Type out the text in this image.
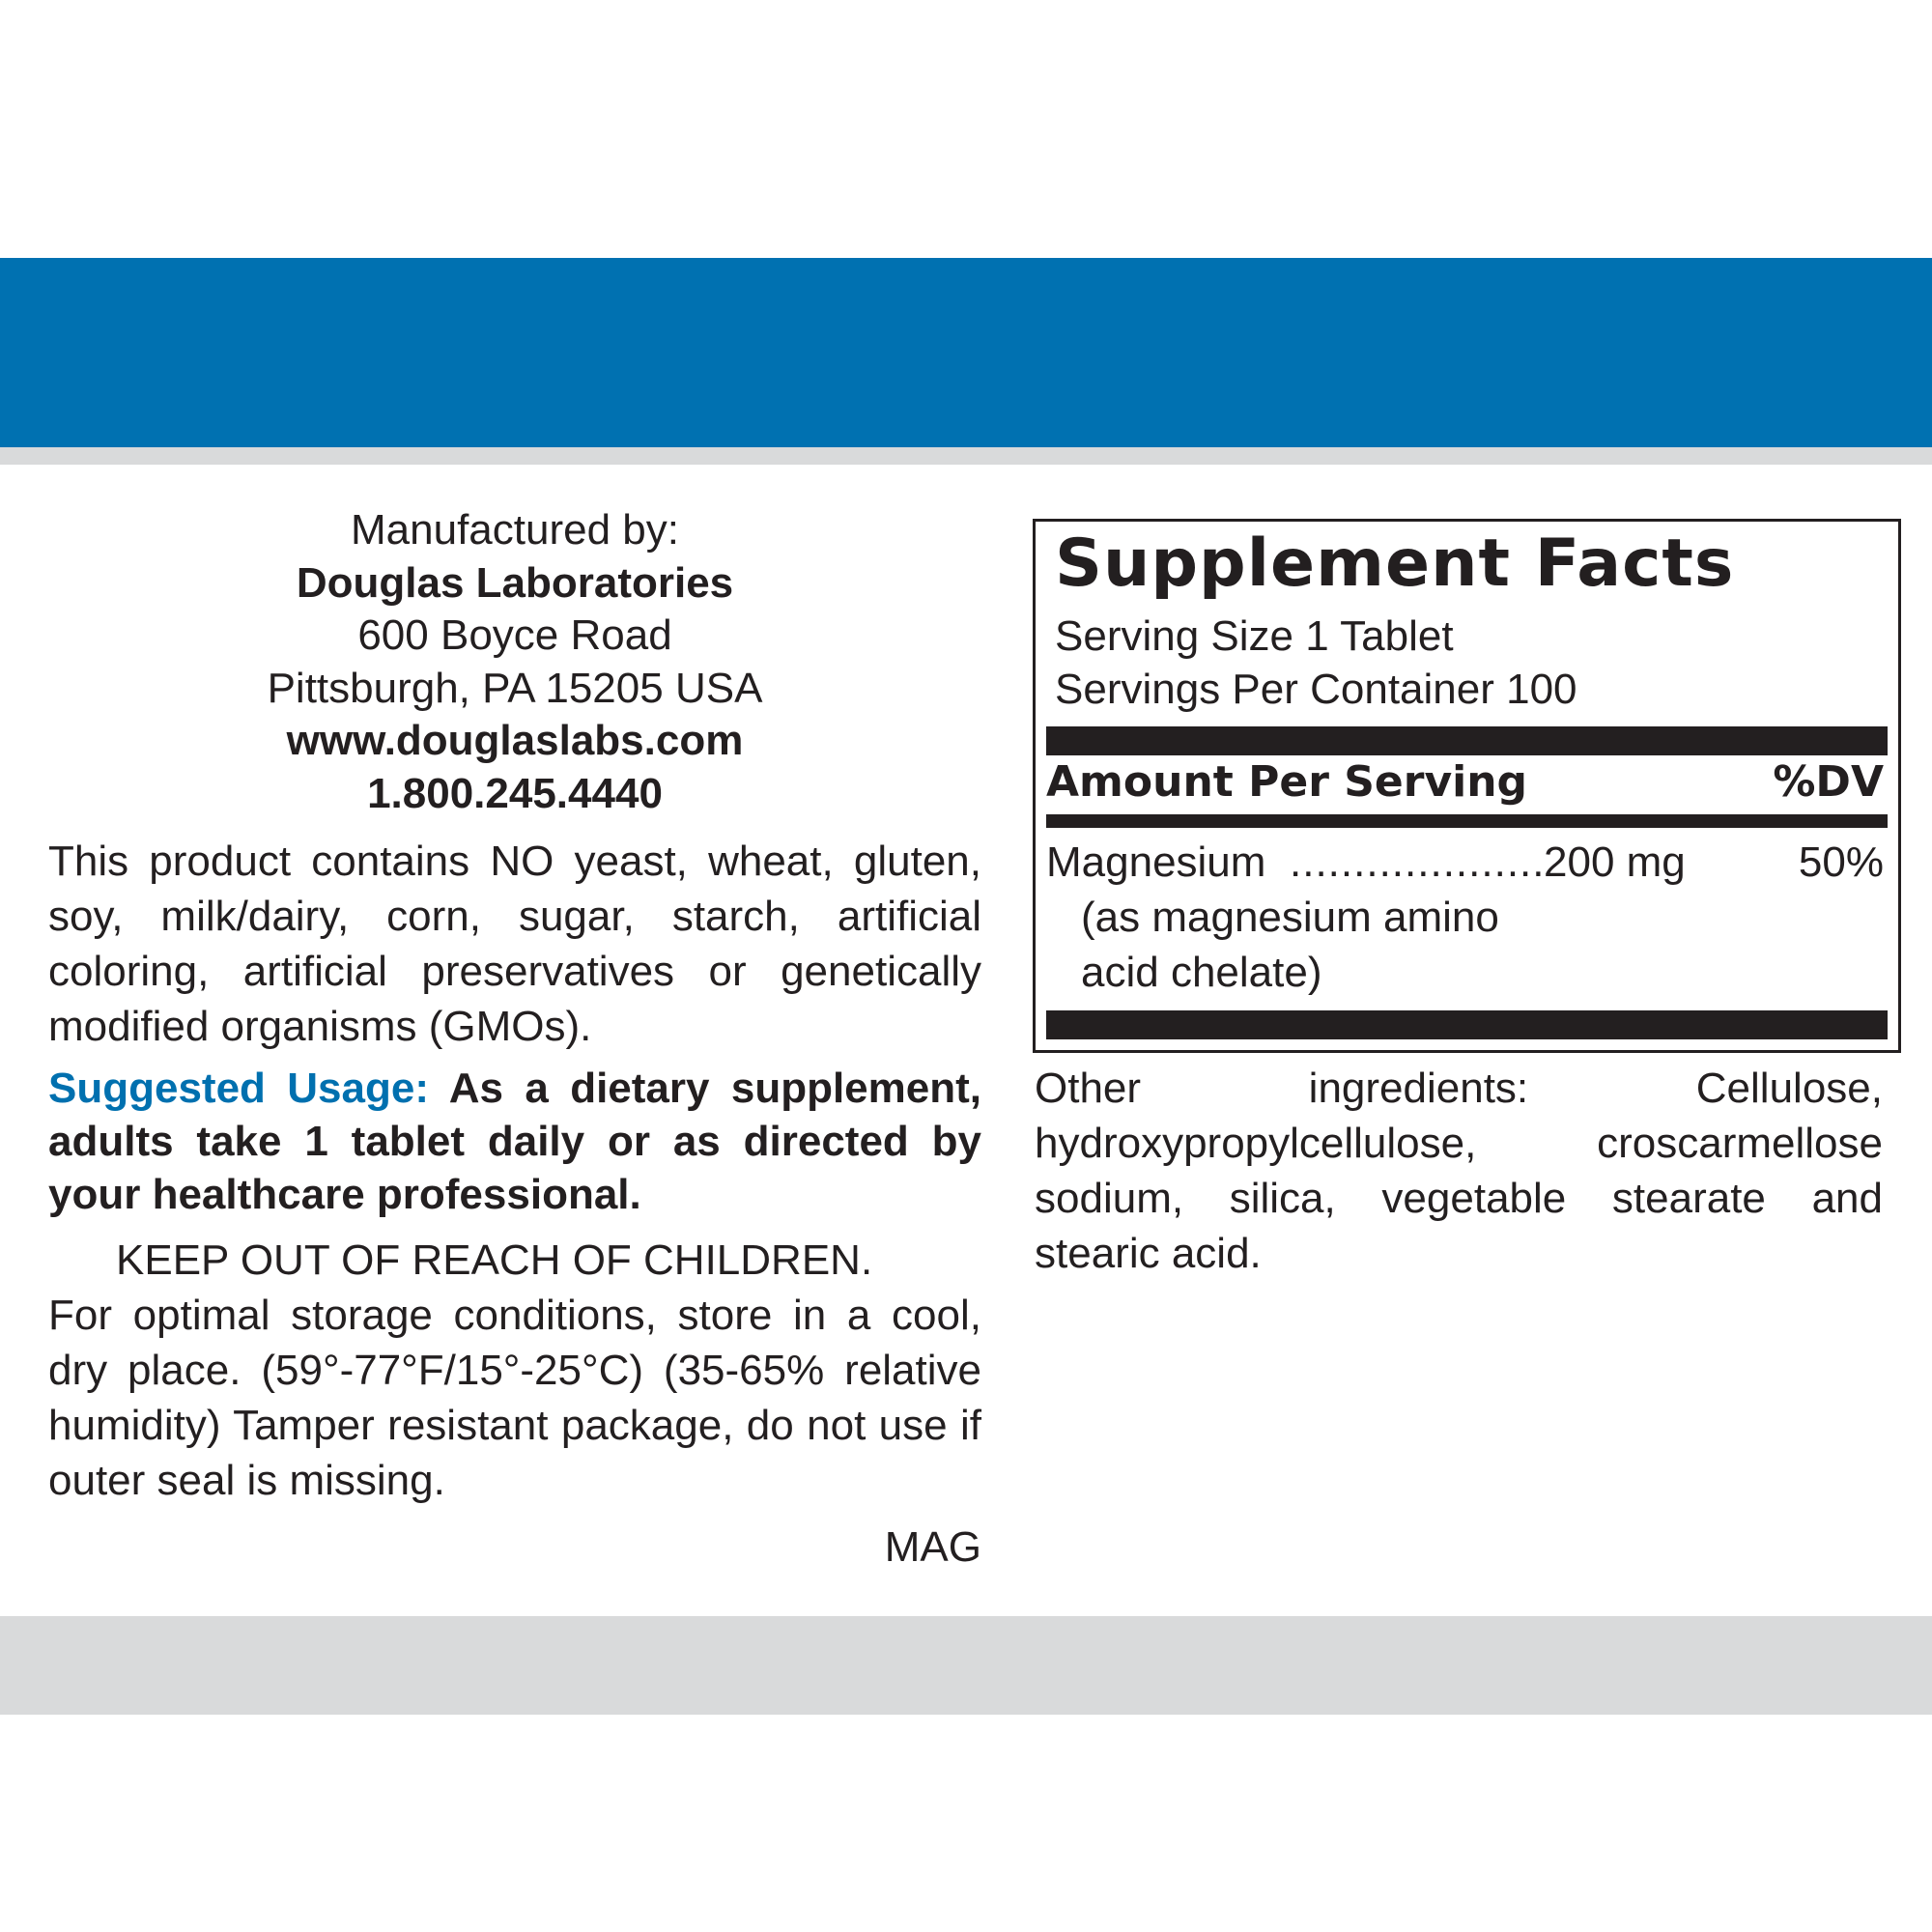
Manufactured by:
Douglas Laboratories
600 Boyce Road
Pittsburgh, PA 15205 USA
www.douglaslabs.com
1.800.245.4440

This product contains NO yeast, wheat, gluten, soy, milk/dairy, corn, sugar, starch, artificial coloring, artificial preservatives or genetically modified organisms (GMOs).

Suggested Usage: As a dietary supplement, adults take 1 tablet daily or as directed by your healthcare professional.

KEEP OUT OF REACH OF CHILDREN.

For optimal storage conditions, store in a cool, dry place. (59°-77°F/15°-25°C) (35-65% relative humidity) Tamper resistant package, do not use if outer seal is missing.

MAG
Supplement Facts
Serving Size 1 Tablet
Servings Per Container 100
Amount Per Serving	%DV
Magnesium ....................
200 mg	50%
(as magnesium amino acid chelate)

Other ingredients: Cellulose, hydroxypropylcellulose, croscarmellose sodium, silica, vegetable stearate and stearic acid.
